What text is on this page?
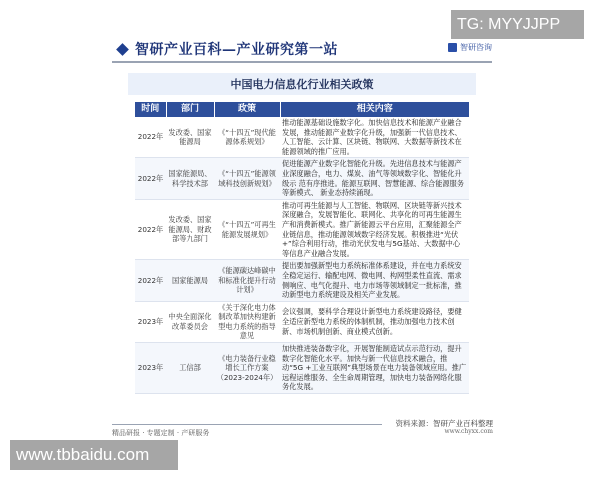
智研产业百科—产业研究第一站	智研咨询
中国电力信息化行业相关政策
时间	部门	政策	相关内容
2022年	发改委、国家能源局	《“十四五”现代能源体系规划》	推动能源基础设施数字化。加快信息技术和能源产业融合发展，推动能源产业数字化升级，加强新一代信息技术、人工智能、云计算、区块链、物联网、大数据等新技术在能源领域的推广应用。
2022年	国家能源局、科学技术部	《“十四五”能源领域科技创新规划》	促进能源产业数字化智能化升级。先进信息技术与能源产业深度融合，电力、煤炭、油气等领域数字化、智能化升级示 范有序推进。能源互联网、智慧能源、综合能源服务等新模式、 新业态持续涌现。
2022年	发改委、国家能源局、财政部等九部门	《“十四五”可再生能源发展规划》	推动可再生能源与人工智能、物联网、区块链等新兴技术深度融合，发展智能化、联网化、共享化的可再生能源生产和消费新模式。推广新能源云平台应用，汇聚能源全产业链信息，推动能源领域数字经济发展。积极推进“光伏+”综合利用行动，推动光伏发电与5G基站、大数据中心等信息产业融合发展。
2022年	国家能源局	《能源碳达峰碳中和标准化提升行动计划》	提出要加强新型电力系统标准体系建设，并在电力系统安全稳定运行、输配电网、微电网、构网型柔性直流、需求侧响应、电气化提升、电力市场等领域制定一批标准，推动新型电力系统建设及相关产业发展。
2023年	中央全面深化改革委员会	《关于深化电力体制改革加快构建新型电力系统的指导意见	会议强调，要科学合理设计新型电力系统建设路径，要健全适应新型电力系统的体制机制，推动加强电力技术创新、市场机制创新、商业模式创新。
2023年	工信部	《电力装备行业稳增长工作方案（2023-2024年）	加快推进装备数字化，开展智能制造试点示范行动，提升数字化智能化水平。加快与新一代信息技术融合，推动“5G +工业互联网”典型场景在电力装备领域应用。推广远程运维服务、全生命周期管理，加快电力装备网络化服务化发展。
精品研报 · 专题定制 · 产研服务
资料来源：智研产业百科整理
www.chyxx.com
TG: MYYJJPP
www.tbbaidu.com
